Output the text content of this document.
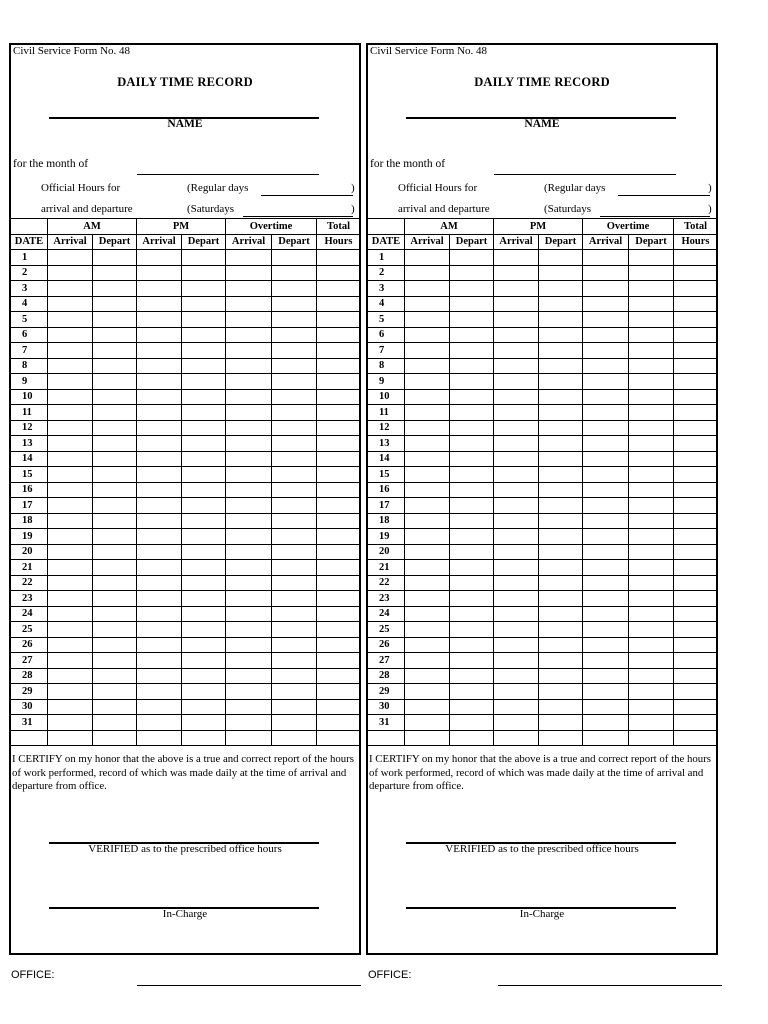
Civil Service Form No. 48
DAILY TIME RECORD
NAME
for the month of
Official Hours for
arrival and departure
(Regular days	)
(Saturdays	)
	AM		PM		Overtime		Total
DATE	Arrival	Depart	Arrival	Depart	Arrival	Depart	Hours
1							
2							
3							
4							
5							
6							
7							
8							
9							
10							
11							
12							
13							
14							
15							
16							
17							
18							
19							
20							
21							
22							
23							
24							
25							
26							
27							
28							
29							
30							
31							

I CERTIFY on my honor that the above is a true and correct report of the hours of work performed, record of which was made daily at the time of arrival and departure from office.
VERIFIED as to the prescribed office hours
In-Charge
Civil Service Form No. 48
DAILY TIME RECORD
NAME
for the month of
Official Hours for
arrival and departure
(Regular days	)
(Saturdays	)
	AM		PM		Overtime		Total
DATE	Arrival	Depart	Arrival	Depart	Arrival	Depart	Hours
1							
2							
3							
4							
5							
6							
7							
8							
9							
10							
11							
12							
13							
14							
15							
16							
17							
18							
19							
20							
21							
22							
23							
24							
25							
26							
27							
28							
29							
30							
31							

I CERTIFY on my honor that the above is a true and correct report of the hours of work performed, record of which was made daily at the time of arrival and departure from office.
VERIFIED as to the prescribed office hours
In-Charge
OFFICE:	OFFICE:
